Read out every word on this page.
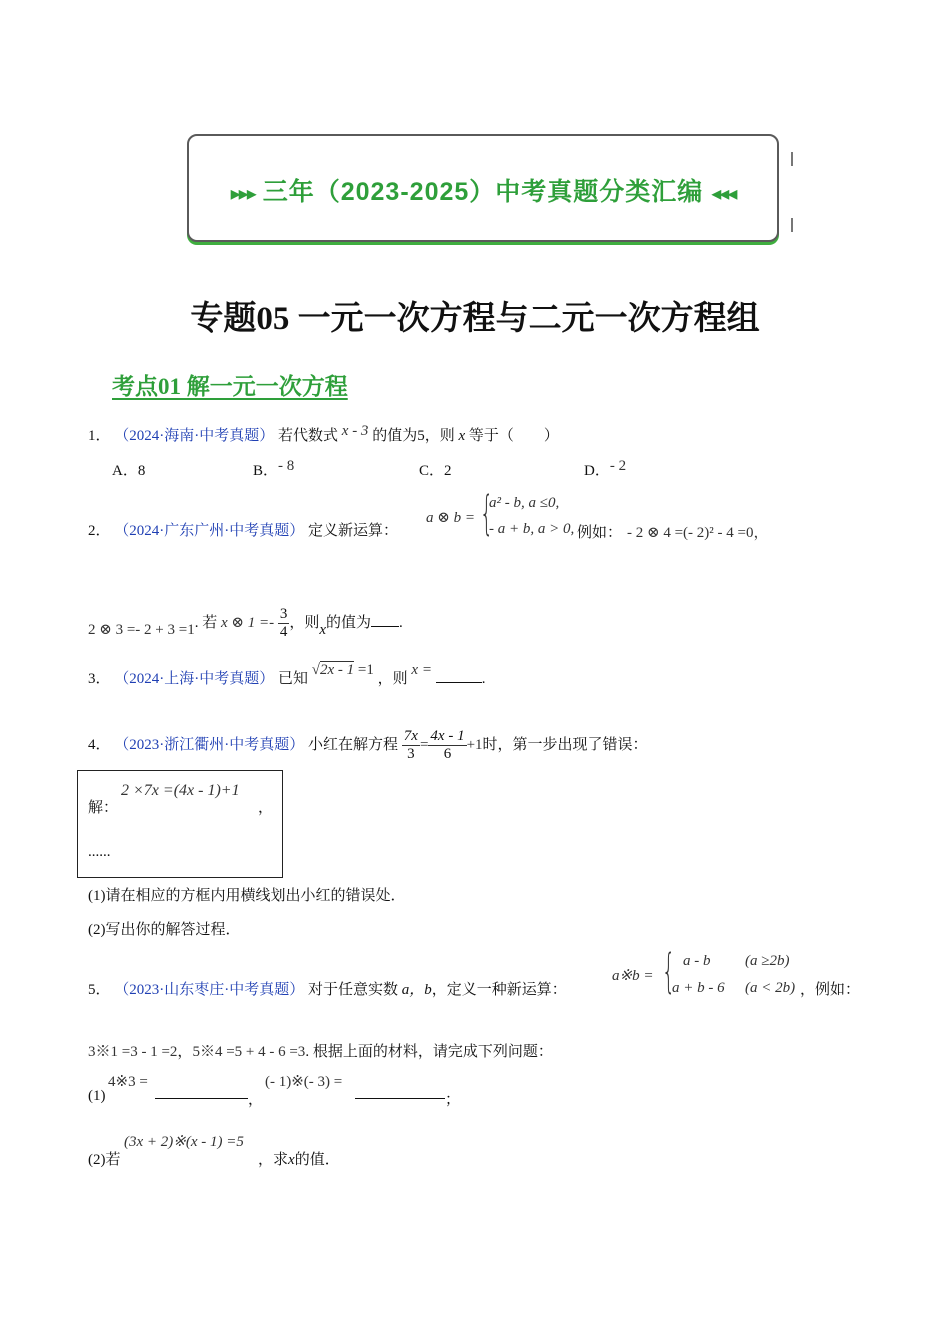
▸▸▸ 三年（2023-2025）中考真题分类汇编 ◂◂◂
专题05 一元一次方程与二元一次方程组
考点01 解一元一次方程
1． （2024·海南·中考真题） 若代数式 x - 3 的值为5，则 x 等于（　　）
A．8	B．- 8	C．2	D．- 2
2． （2024·广东广州·中考真题） 定义新运算：
a ⊗ b = {
a² - b, a ≤0,
- a + b, a > 0, 例如： - 2 ⊗ 4 =(- 2)² - 4 =0，
2 ⊗ 3 =- 2 + 3 =1. 若 x ⊗ $1 =- \frac{3}{4}$ ，则x的值为 .
3． （2024·上海·中考真题） 已知 √2x - 1 =1 ，则 x = .
4． （2023·浙江衢州·中考真题） 小红在解方程 $\frac{7x}{3} = \frac{4x - 1}{6} +1$时，第一步出现了错误：
解：
2 ×7x =(4x - 1)+1
，
......
(1)请在相应的方框内用横线划出小红的错误处．
(2)写出你的解答过程．
5． （2023·山东枣庄·中考真题） 对于任意实数 a，b，定义一种新运算：
a※b = { a - b (a ≥2b)
a + b - 6 (a < 2b) ，例如：
3※1 =3 - 1 =2，5※4 =5 + 4 - 6 =3. 根据上面的材料，请完成下列问题：
(1)
4※3 =
，
(- 1)※(- 3) =
；
(2)若
(3x + 2)※(x - 1) =5
，求x的值．
